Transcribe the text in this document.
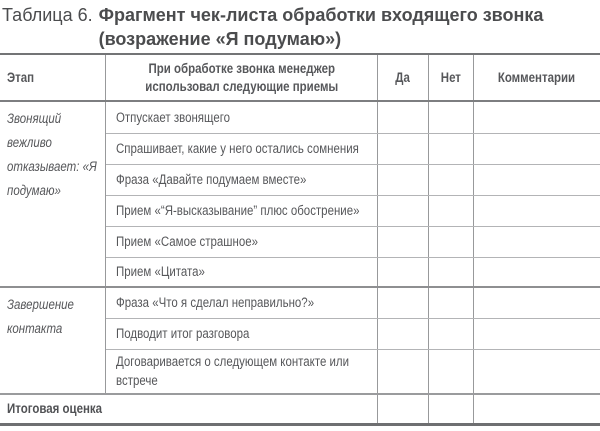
Таблица 6. Фрагмент чек-листа обработки входящего звонка
(возражение «Я подумаю»)
Этап	При обработке звонка менеджер использовал следующие приемы	Да	Нет	Комментарии

Звонящий вежливо отказывает: «Я подумаю»	Отпускает звонящего			
	Спрашивает, какие у него остались сомнения			
	Фраза «Давайте подумаем вместе»			
	Прием «“Я-высказывание” плюс обострение»			
	Прием «Самое страшное»			
	Прием «Цитата»			

Завершение контакта	Фраза «Что я сделал неправильно?»			
	Подводит итог разговора			

	Договаривается о следующем контакте или встрече			

Итоговая оценка				
